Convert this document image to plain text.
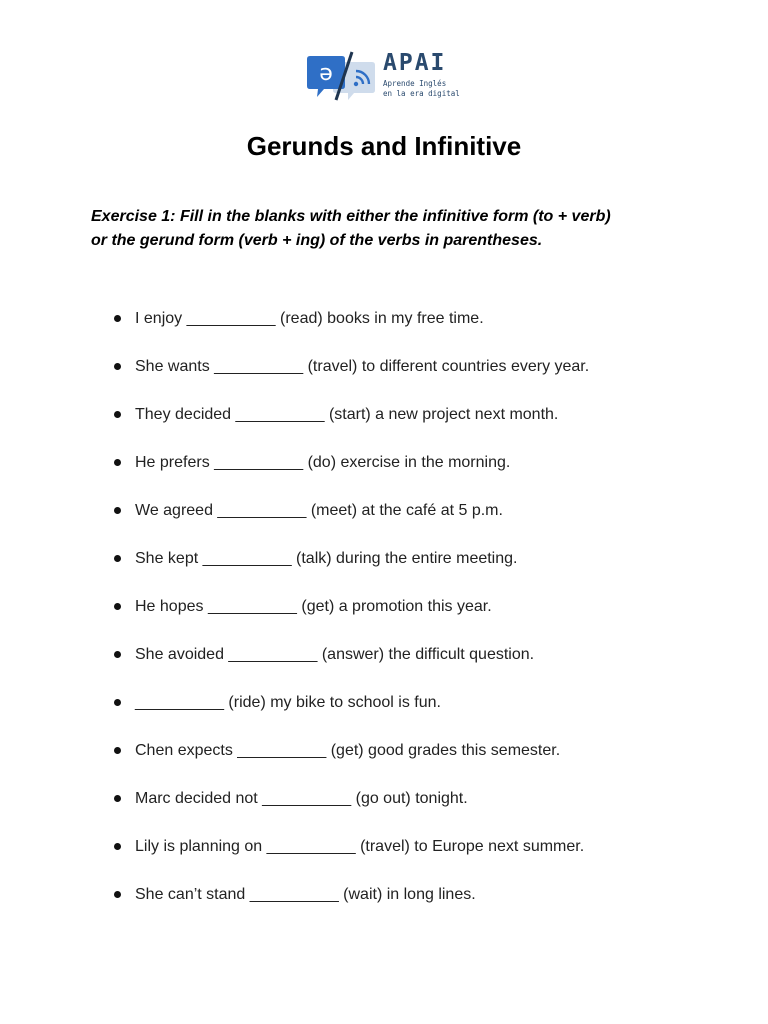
ə APAI
Aprende Inglés
en la era digital
Gerunds and Infinitive
Exercise 1: Fill in the blanks with either the infinitive form (to + verb)
or the gerund form (verb + ing) of the verbs in parentheses.
I enjoy __________ (read) books in my free time.
She wants __________ (travel) to different countries every year.
They decided __________ (start) a new project next month.
He prefers __________ (do) exercise in the morning.
We agreed __________ (meet) at the café at 5 p.m.
She kept __________ (talk) during the entire meeting.
He hopes __________ (get) a promotion this year.
She avoided __________ (answer) the difficult question.
__________ (ride) my bike to school is fun.
Chen expects __________ (get) good grades this semester.
Marc decided not __________ (go out) tonight.
Lily is planning on __________ (travel) to Europe next summer.
She can’t stand __________ (wait) in long lines.
